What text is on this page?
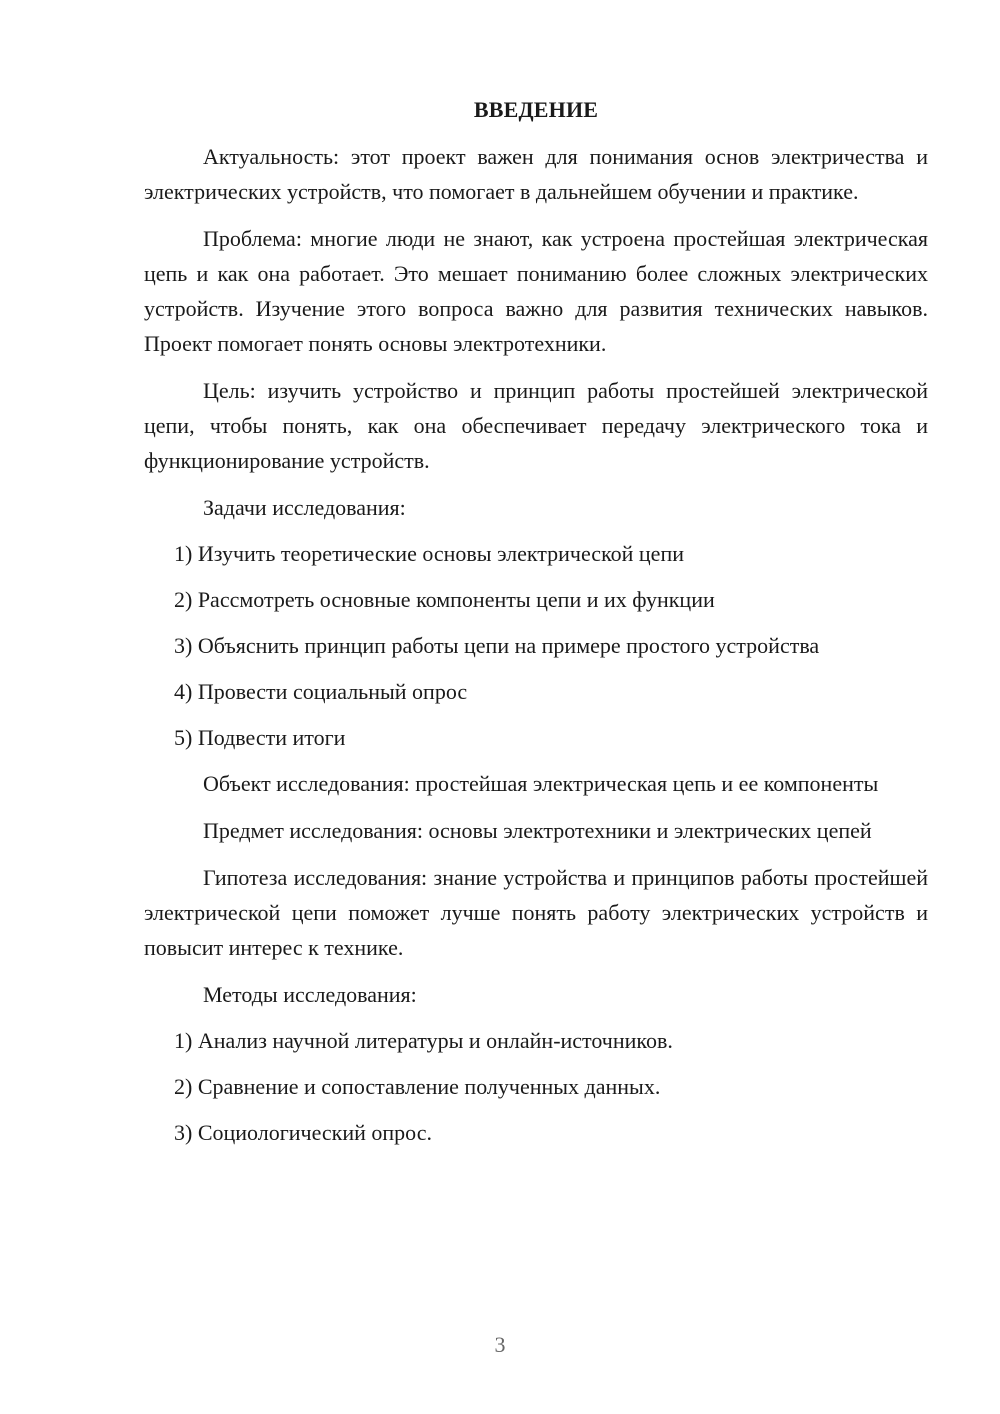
ВВЕДЕНИЕ

Актуальность: этот проект важен для понимания основ электричества и электрических устройств, что помогает в дальнейшем обучении и практике.

Проблема: многие люди не знают, как устроена простейшая электрическая цепь и как она работает. Это мешает пониманию более сложных электрических устройств. Изучение этого вопроса важно для развития технических навыков. Проект помогает понять основы электротехники.

Цель: изучить устройство и принцип работы простейшей электрической цепи, чтобы понять, как она обеспечивает передачу электрического тока и функционирование устройств.

Задачи исследования:

1) Изучить теоретические основы электрической цепи

2) Рассмотреть основные компоненты цепи и их функции

3) Объяснить принцип работы цепи на примере простого устройства

4) Провести социальный опрос

5) Подвести итоги

Объект исследования: простейшая электрическая цепь и ее компоненты

Предмет исследования: основы электротехники и электрических цепей

Гипотеза исследования: знание устройства и принципов работы простейшей электрической цепи поможет лучше понять работу электрических устройств и повысит интерес к технике.

Методы исследования:

1) Анализ научной литературы и онлайн-источников.

2) Сравнение и сопоставление полученных данных.

3) Социологический опрос.

3
